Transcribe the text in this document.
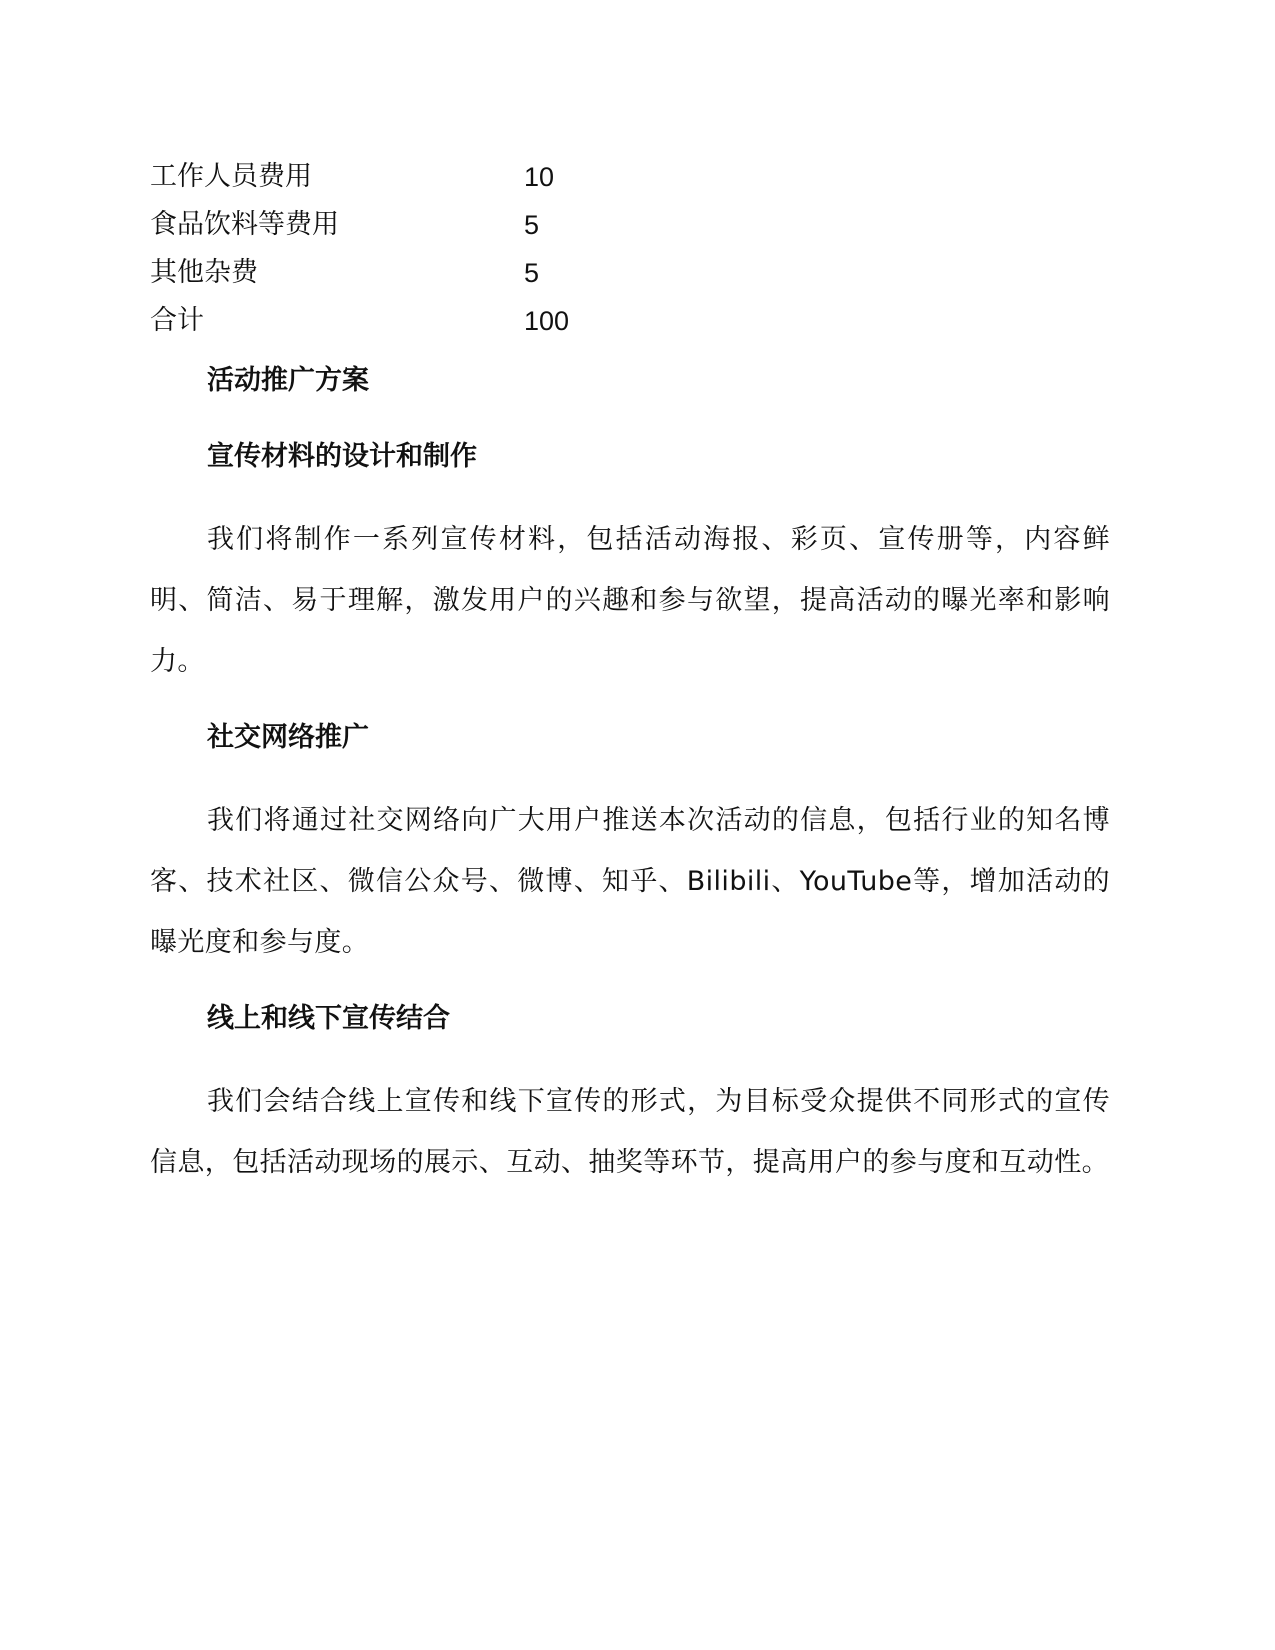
工作人员费用	10
食品饮料等费用	5
其他杂费	5
合计	100
活动推广方案
宣传材料的设计和制作

我们将制作一系列宣传材料，包括活动海报、彩页、宣传册等，内容鲜明、简洁、易于理解，激发用户的兴趣和参与欲望，提高活动的曝光率和影响力。

社交网络推广

我们将通过社交网络向广大用户推送本次活动的信息，包括行业的知名博客、技术社区、微信公众号、微博、知乎、Bilibili、YouTube等，增加活动的曝光度和参与度。

线上和线下宣传结合

我们会结合线上宣传和线下宣传的形式，为目标受众提供不同形式的宣传信息，包括活动现场的展示、互动、抽奖等环节，提高用户的参与度和互动性。
